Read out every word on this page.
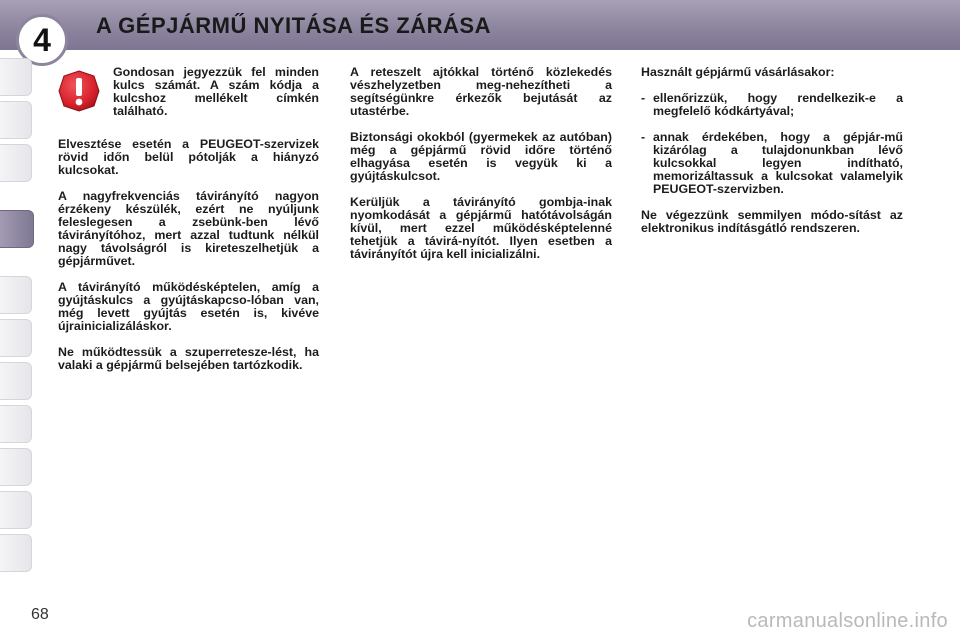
A GÉPJÁRMŰ NYITÁSA ÉS ZÁRÁSA
4

Gondosan jegyezzük fel minden kulcs számát. A szám kódja a kulcshoz mellékelt címkén található.

Elvesztése esetén a PEUGEOT-szervizek rövid időn belül pótolják a hiányzó kulcsokat.

A nagyfrekvenciás távirányító nagyon érzékeny készülék, ezért ne nyúljunk feleslegesen a zsebünk-ben lévő távirányítóhoz, mert azzal tudtunk nélkül nagy távolságról is kireteszelhetjük a gépjárművet.

A távirányító működésképtelen, amíg a gyújtáskulcs a gyújtáskapcso-lóban van, még levett gyújtás esetén is, kivéve újrainicializáláskor.

Ne működtessük a szuperretesze-lést, ha valaki a gépjármű belsejében tartózkodik.

A reteszelt ajtókkal történő közlekedés vészhelyzetben meg-nehezítheti a segítségünkre érkezők bejutását az utastérbe.

Biztonsági okokból (gyermekek az autóban) még a gépjármű rövid időre történő elhagyása esetén is vegyük ki a gyújtáskulcsot.

Kerüljük a távirányító gombja-inak nyomkodását a gépjármű hatótávolságán kívül, mert ezzel működésképtelenné tehetjük a távirá-nyítót. Ilyen esetben a távirányítót újra kell inicializálni.

Használt gépjármű vásárlásakor:

- ellenőrizzük, hogy rendelkezik-e a megfelelő kódkártyával;
- annak érdekében, hogy a gépjár-mű kizárólag a tulajdonunkban lévő kulcsokkal legyen indítható, memorizáltassuk a kulcsokat valamelyik PEUGEOT-szervizben.

Ne végezzünk semmilyen módo-sítást az elektronikus indításgátló rendszeren.

68	carmanualsonline.info
